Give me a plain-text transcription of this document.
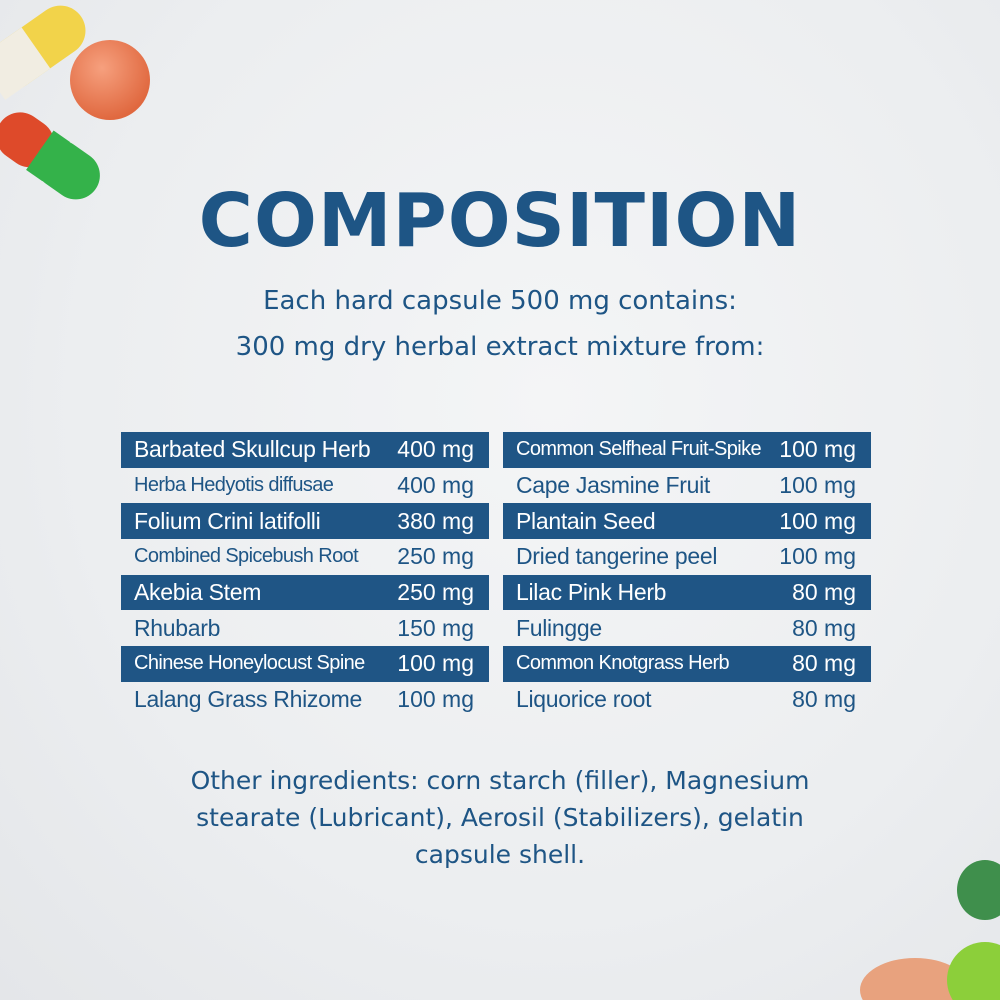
COMPOSITION
Each hard capsule 500 mg contains:
300 mg dry herbal extract mixture from:
Barbated Skullcup Herb 400 mg
Herba Hedyotis diffusae	400 mg
Folium Crini latifolli	380 mg
Combined Spicebush Root 250 mg
Akebia Stem	250 mg
Rhubarb	150 mg
Chinese Honeylocust Spine 100 mg
Lalang Grass Rhizome 100 mg
Common Selfheal Fruit-Spike 100 mg
Cape Jasmine Fruit	100 mg
Plantain Seed	100 mg
Dried tangerine peel	100 mg
Lilac Pink Herb	80 mg
Fulingge	80 mg
Common Knotgrass Herb	80 mg
Liquorice root	80 mg
Other ingredients: corn starch (filler), Magnesium
stearate (Lubricant), Aerosil (Stabilizers), gelatin
capsule shell.
